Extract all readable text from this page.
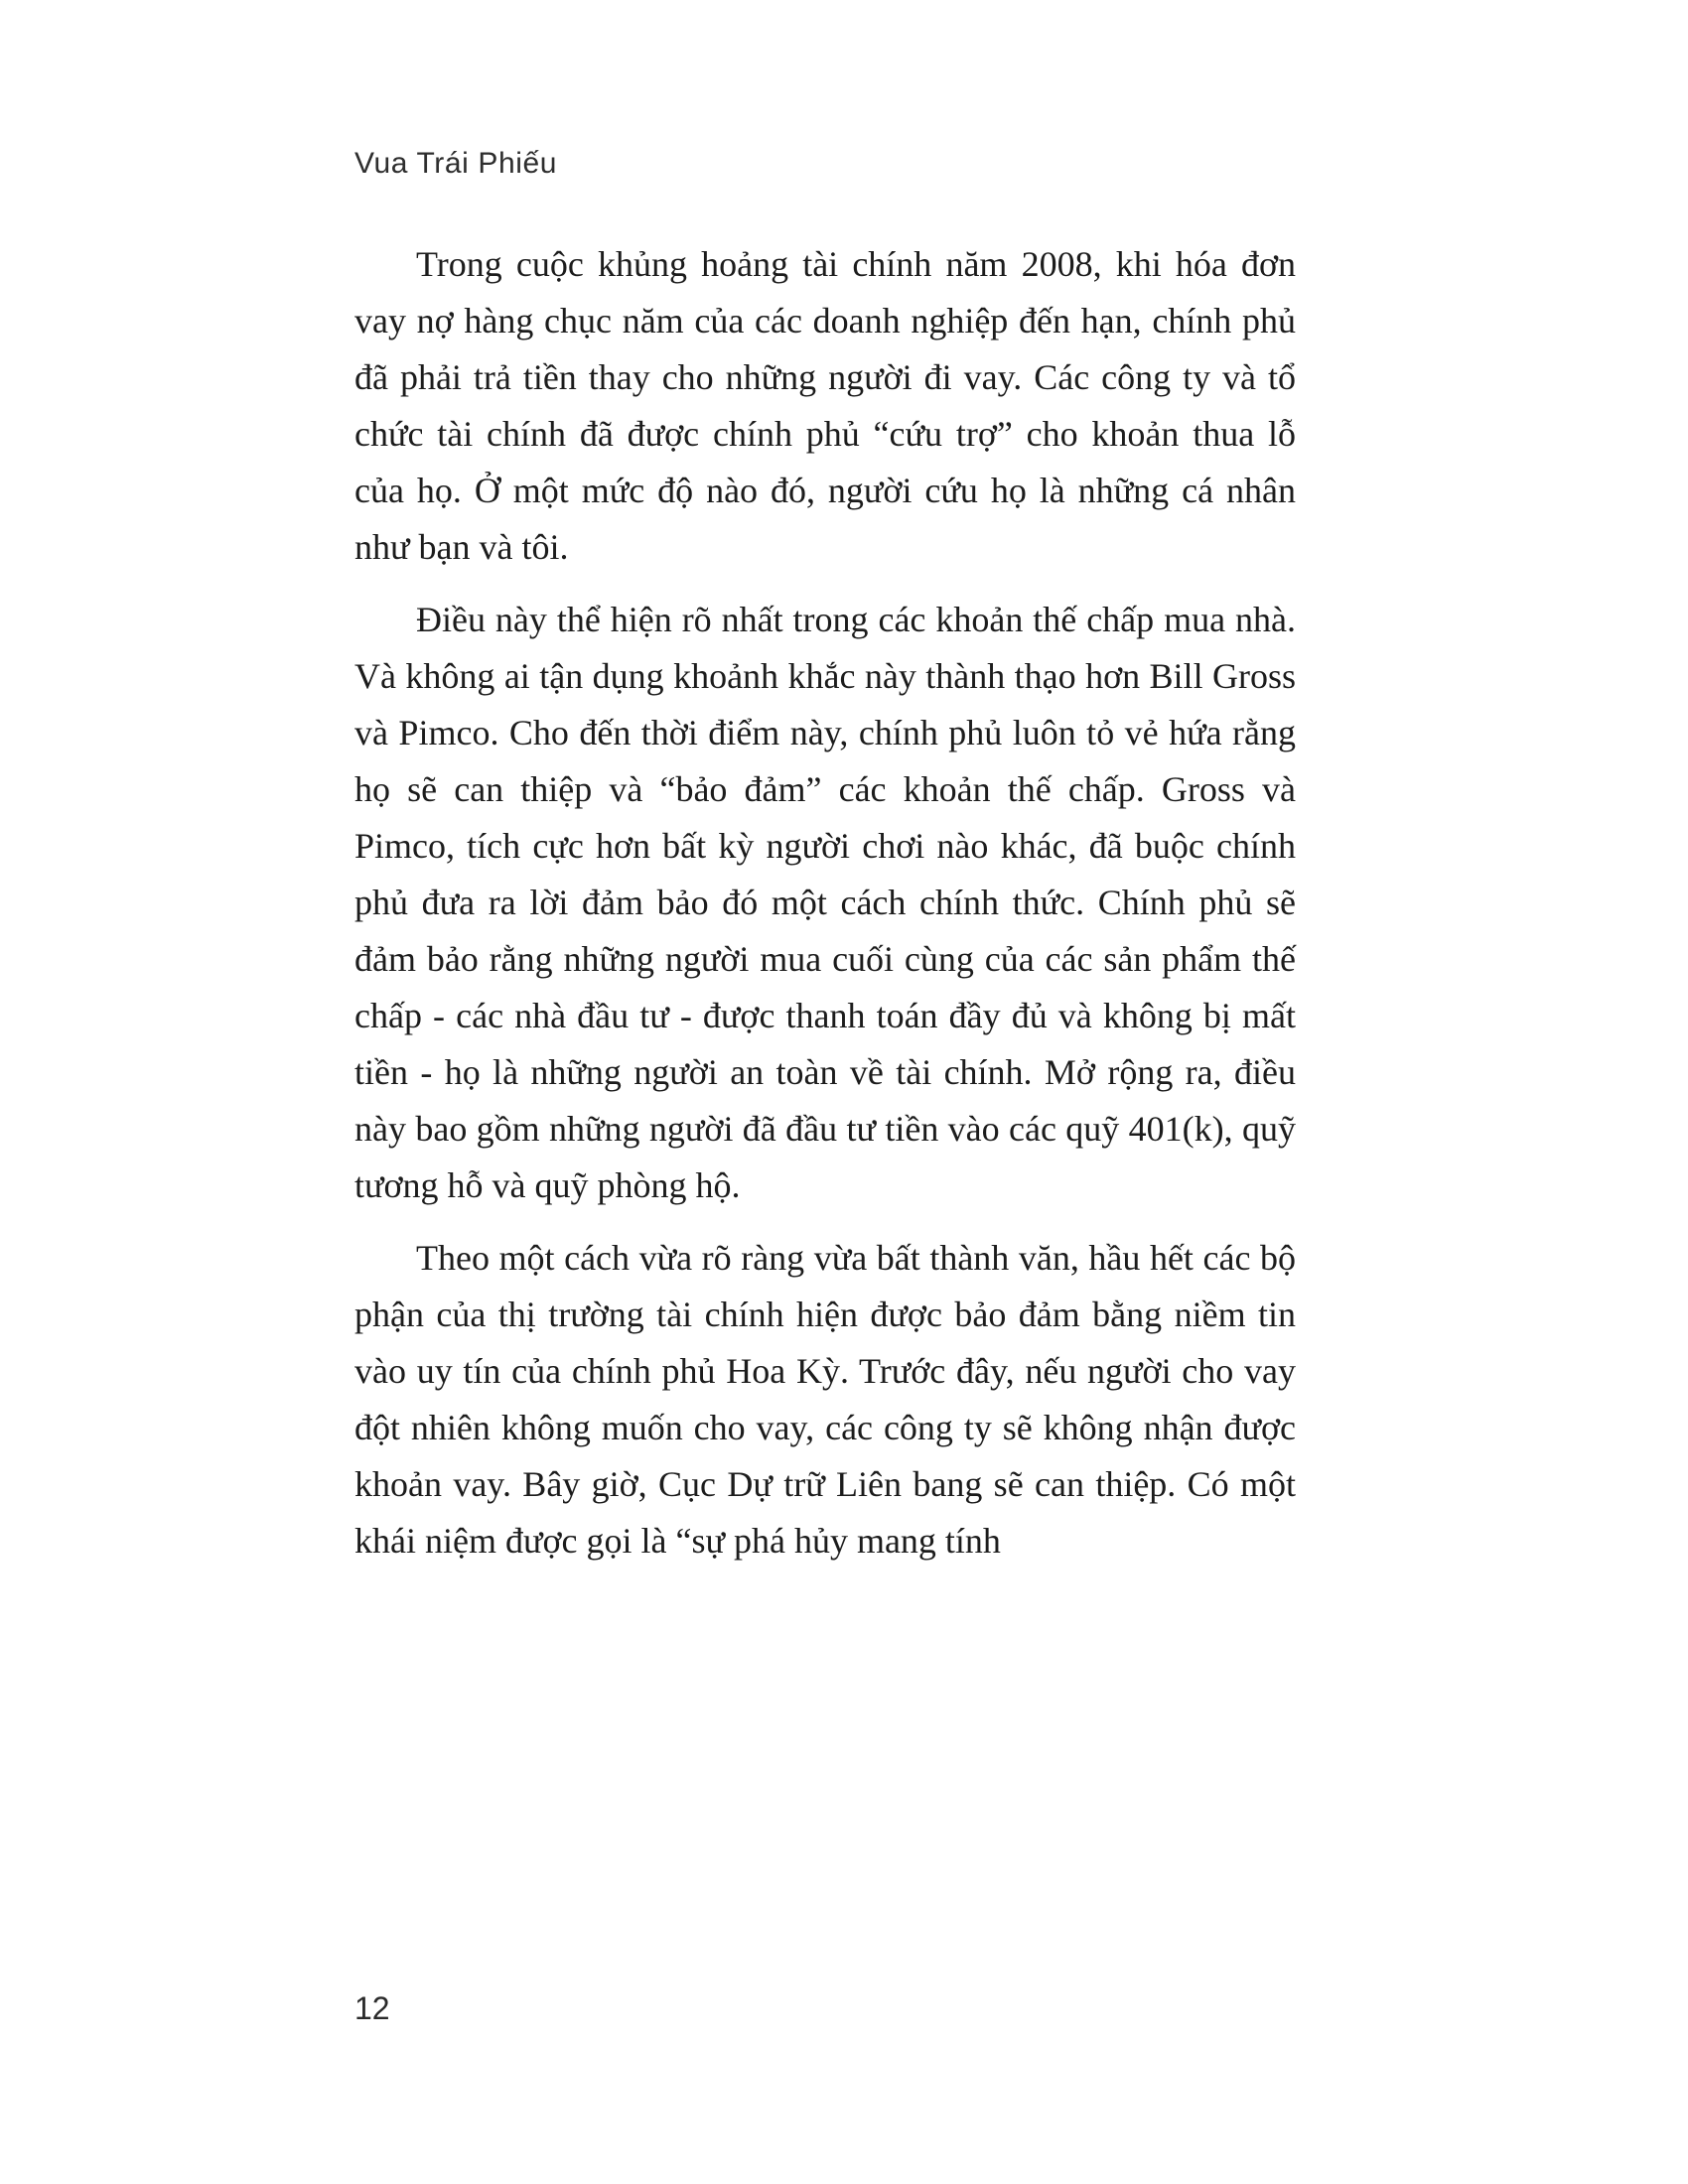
Vua Trái Phiếu

Trong cuộc khủng hoảng tài chính năm 2008, khi hóa đơn vay nợ hàng chục năm của các doanh nghiệp đến hạn, chính phủ đã phải trả tiền thay cho những người đi vay. Các công ty và tổ chức tài chính đã được chính phủ “cứu trợ” cho khoản thua lỗ của họ. Ở một mức độ nào đó, người cứu họ là những cá nhân như bạn và tôi.

Điều này thể hiện rõ nhất trong các khoản thế chấp mua nhà. Và không ai tận dụng khoảnh khắc này thành thạo hơn Bill Gross và Pimco. Cho đến thời điểm này, chính phủ luôn tỏ vẻ hứa rằng họ sẽ can thiệp và “bảo đảm” các khoản thế chấp. Gross và Pimco, tích cực hơn bất kỳ người chơi nào khác, đã buộc chính phủ đưa ra lời đảm bảo đó một cách chính thức. Chính phủ sẽ đảm bảo rằng những người mua cuối cùng của các sản phẩm thế chấp - các nhà đầu tư - được thanh toán đầy đủ và không bị mất tiền - họ là những người an toàn về tài chính. Mở rộng ra, điều này bao gồm những người đã đầu tư tiền vào các quỹ 401(k), quỹ tương hỗ và quỹ phòng hộ.

Theo một cách vừa rõ ràng vừa bất thành văn, hầu hết các bộ phận của thị trường tài chính hiện được bảo đảm bằng niềm tin vào uy tín của chính phủ Hoa Kỳ. Trước đây, nếu người cho vay đột nhiên không muốn cho vay, các công ty sẽ không nhận được khoản vay. Bây giờ, Cục Dự trữ Liên bang sẽ can thiệp. Có một khái niệm được gọi là “sự phá hủy mang tính

12
